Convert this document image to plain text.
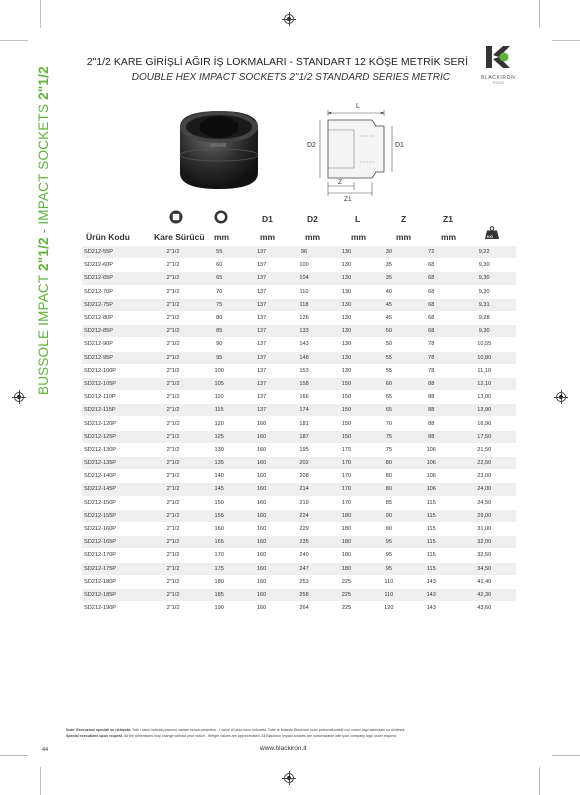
BUSSOLE IMPACT 2"1/2 - IMPACT SOCKETS 2"1/2
2"1/2 KARE GİRİŞLİ AĞIR İŞ LOKMALARI - STANDART 12 KÖŞE METRİK SERİ
DOUBLE HEX IMPACT SOCKETS 2"1/2 STANDARD SERIES METRIC	BLACKIRON
TOOLS
L
D2	D1
Z
Z1
KG
D1	D2	L	Z	Z1
Ürün Kodu	Kare Sürücü mm	mm	mm	mm	mm	mm
SD212-55P	2"1/2	55	137	96	130	30	72	9,22
SD212-60P	2"1/2	60	137	100	130	35	68	9,30
SD212-65P	2"1/2	65	137	104	130	35	68	9,30
SD212-70P	2"1/2	70	137	110	130	40	68	9,30
SD212-75P	2"1/2	75	137	118	130	45	68	9,31
SD212-80P	2"1/2	80	137	126	130	45	68	9,28
SD212-85P	2"1/2	85	137	133	130	50	68	9,30
SD212-90P	2"1/2	90	137	143	130	50	78	10,55
SD212-95P	2"1/2	95	137	148	130	55	78	10,80
SD212-100P	2"1/2	100	137	153	130	55	78	11,10
SD212-105P	2"1/2	105	137	158	150	60	88	12,10
SD212-110P	2"1/2	110	137	166	150	65	88	13,00
SD212-115P	2"1/2	115	137	174	150	65	88	13,90
SD212-120P	2"1/2	120	160	181	150	70	88	16,90
SD212-125P	2"1/2	125	160	187	150	75	88	17,50
SD212-130P	2"1/2	130	160	195	170	75	106	21,50
SD212-135P	2"1/2	135	160	202	170	80	106	22,50
SD212-140P	2"1/2	140	160	208	170	80	106	23,00
SD212-145P	2"1/2	145	160	214	170	80	106	24,00
SD212-150P	2"1/2	150	160	219	170	85	115	24,50
SD212-155P	2"1/2	155	160	224	180	90	115	29,00
SD212-160P	2"1/2	160	160	229	180	90	115	31,00
SD212-165P	2"1/2	165	160	235	180	95	115	32,00
SD212-170P	2"1/2	170	160	240	180	95	115	32,50
SD212-175P	2"1/2	175	160	247	180	95	115	34,50
SD212-180P	2"1/2	180	160	253	225	110	143	41,40
SD212-185P	2"1/2	185	160	258	225	110	143	42,30
SD212-190P	2"1/2	190	160	264	225	120	143	43,60
Note: Esecuzioni speciali su richiesta. Tutti i valori indicati possono variare senza preavviso - I valori di peso sono indicativi. Tutte le bussole Blackiron sono personalizzabili con vostro logo aziendale su richiesta.
Special executions upon request. All the dimensions may change without prior notice - Weight values are approximated. All Blackiron impact sockets are customizable with your company logo under request.
44	www.blackiron.it
